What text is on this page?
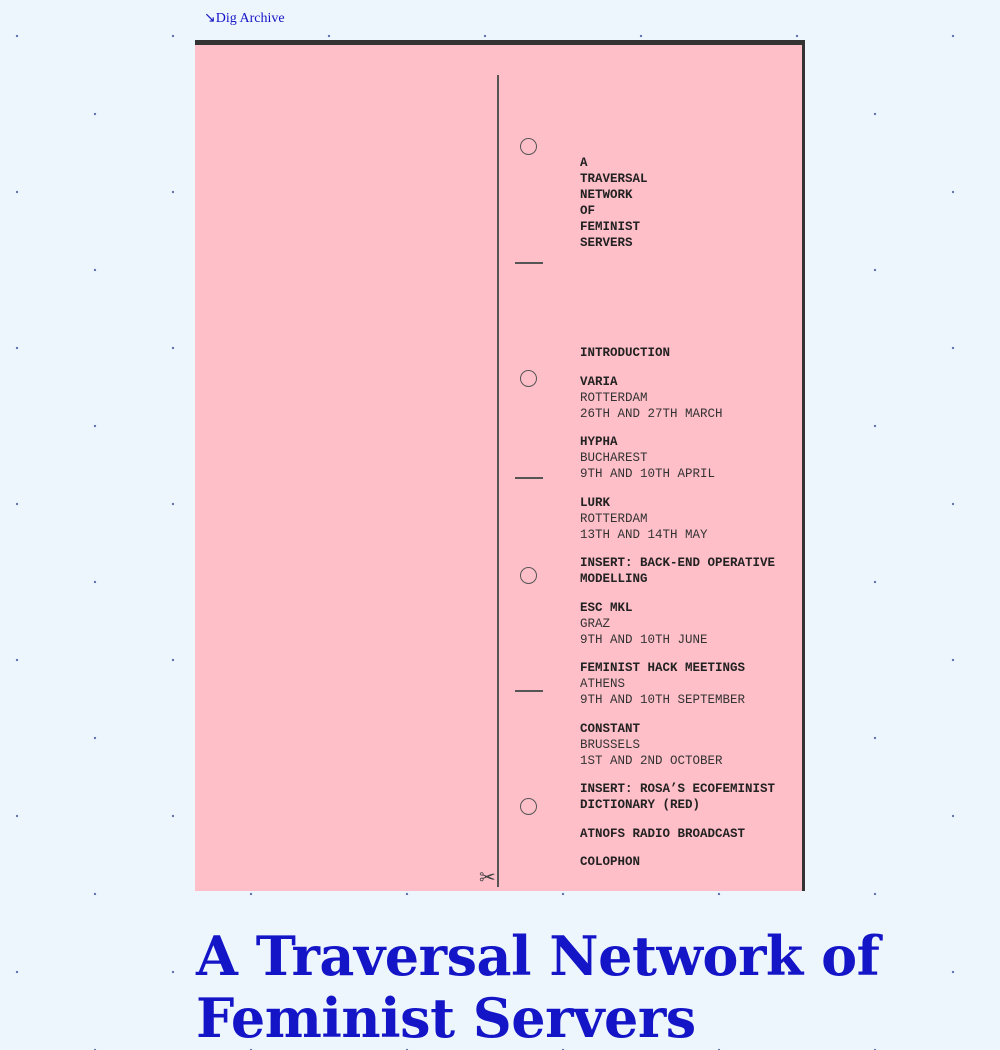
↘Dig Archive
✂
A
TRAVERSAL
NETWORK
OF
FEMINIST
SERVERS
INTRODUCTION
VARIA
ROTTERDAM
26TH AND 27TH MARCH
HYPHA
BUCHAREST
9TH AND 10TH APRIL
LURK
ROTTERDAM
13TH AND 14TH MAY
INSERT: BACK-END OPERATIVE MODELLING
ESC MKL
GRAZ
9TH AND 10TH JUNE
FEMINIST HACK MEETINGS
ATHENS
9TH AND 10TH SEPTEMBER
CONSTANT
BRUSSELS
1ST AND 2ND OCTOBER
INSERT: ROSA’S ECOFEMINIST DICTIONARY (RED)
ATNOFS RADIO BROADCAST
COLOPHON
A Traversal Network of Feminist Servers
